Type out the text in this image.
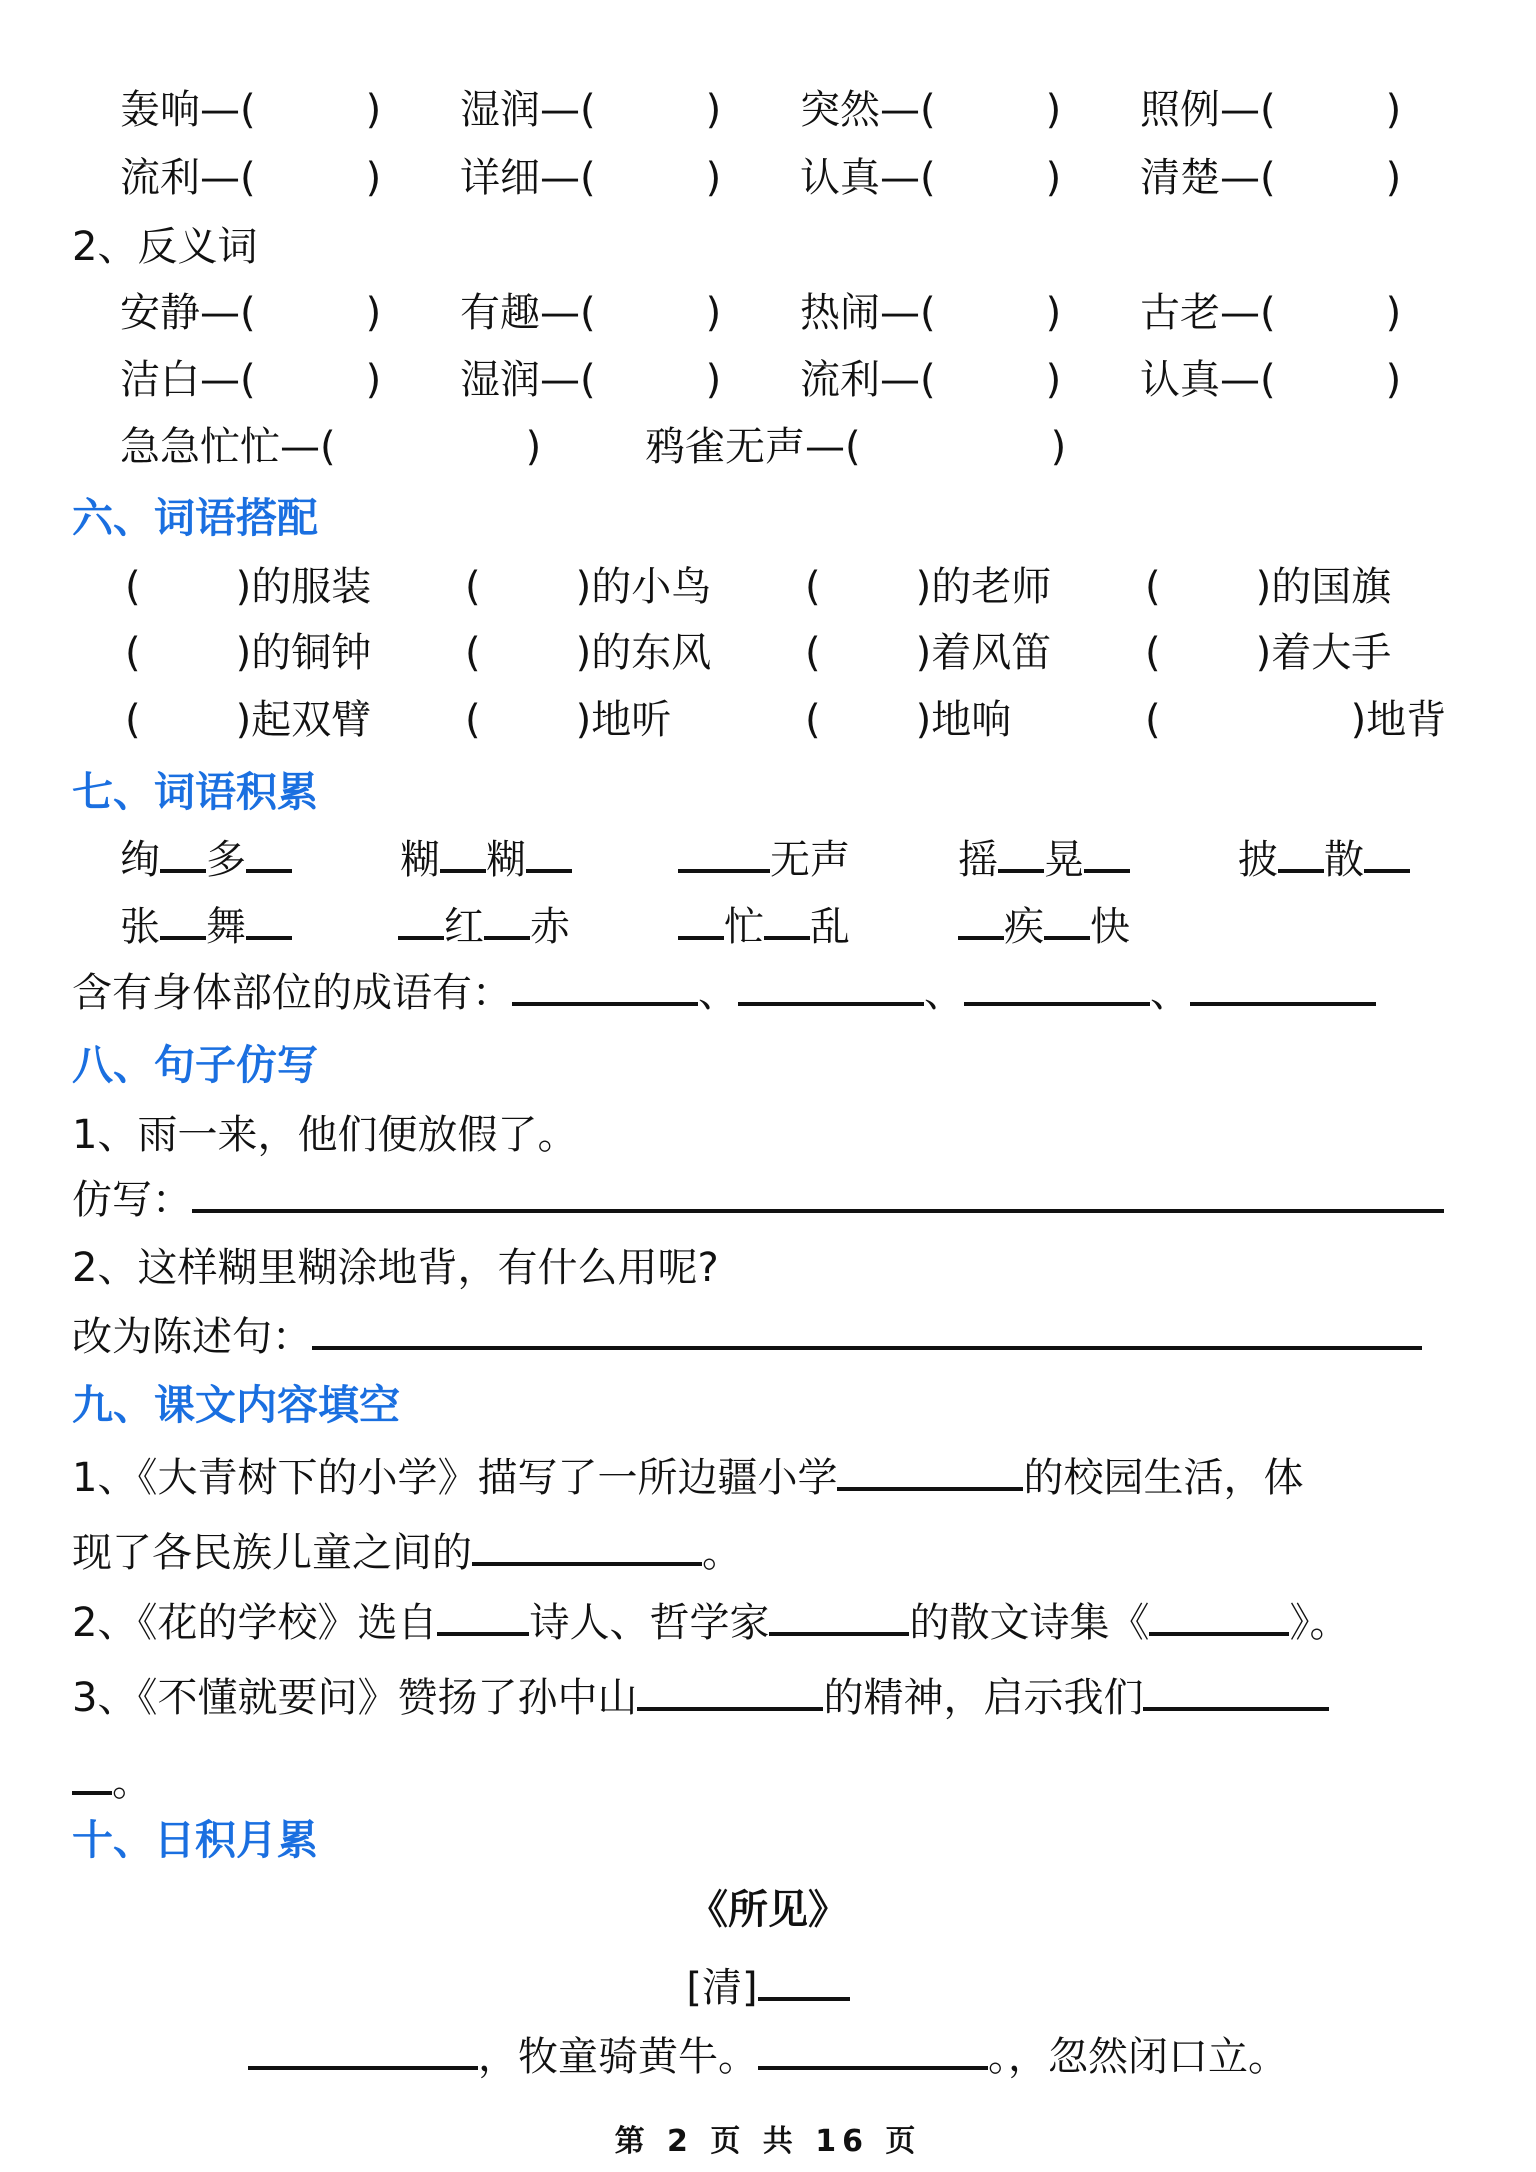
轰响—(	) 湿润—(	) 突然—(	) 照例—(	)
流利—(	) 详细—(	) 认真—(	) 清楚—(	)
2、反义词
安静—(	) 有趣—(	) 热闹—(	) 古老—(	)
洁白—(	) 湿润—(	) 流利—(	) 认真—(	)
急急忙忙—(	)	鸦雀无声—(	)
六、词语搭配
( )的服装 ( )的小鸟 ( )的老师 ( )的国旗
( )的铜钟 ( )的东风 ( )着风笛 ( )着大手
( )起双臂 ( )地听	( )地响	(	)地背
七、词语积累
绚 多	糊 糊	无声	摇 晃	披 散
张 舞	红 赤	忙 乱	疾 快
含有身体部位的成语有：	、	、	、
八、句子仿写
1、雨一来，他们便放假了。
仿写：
2、这样糊里糊涂地背，有什么用呢?
改为陈述句：
九、课文内容填空
1、《大青树下的小学》描写了一所边疆小学	的校园生活，体
现了各民族儿童之间的	。
2、《花的学校》选自 诗人、哲学家	的散文诗集《	》。
3、《不懂就要问》赞扬了孙中山	的精神，启示我们
。
十、日积月累
《所见》
[清]
，牧童骑黄牛。	。，忽然闭口立。
第 2 页 共 16 页
